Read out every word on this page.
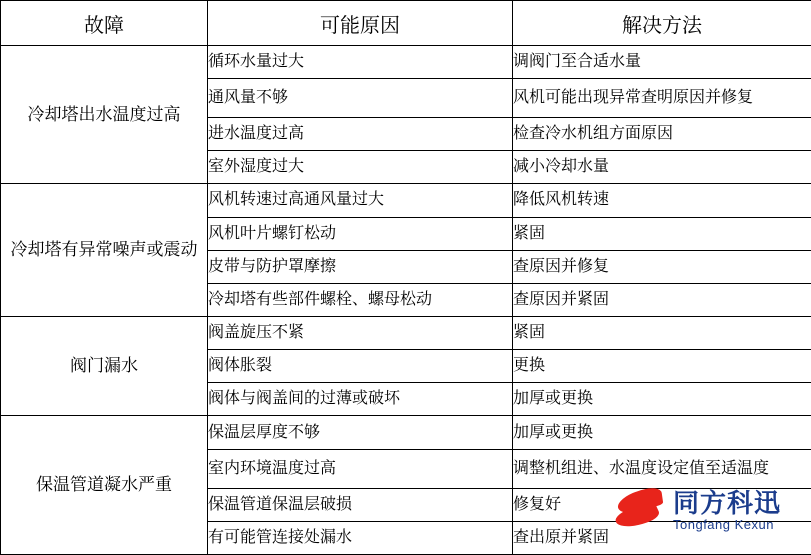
故障	可能原因	解决方法
冷却塔出水温度过高	循环水量过大	调阀门至合适水量
	通风量不够	风机可能出现异常查明原因并修复
	进水温度过高	检查冷水机组方面原因
	室外湿度过大	减小冷却水量
冷却塔有异常噪声或震动	风机转速过高通风量过大	降低风机转速
	风机叶片螺钉松动	紧固
	皮带与防护罩摩擦	查原因并修复
	冷却塔有些部件螺栓、螺母松动	查原因并紧固
阀门漏水	阀盖旋压不紧	紧固
	阀体胀裂	更换
	阀体与阀盖间的过薄或破坏	加厚或更换
保温管道凝水严重	保温层厚度不够	加厚或更换
	室内环境温度过高	调整机组进、水温度设定值至适温度
	保温管道保温层破损	修复好
	有可能管连接处漏水	查出原并紧固
同方科迅
Tongfang Kexun
